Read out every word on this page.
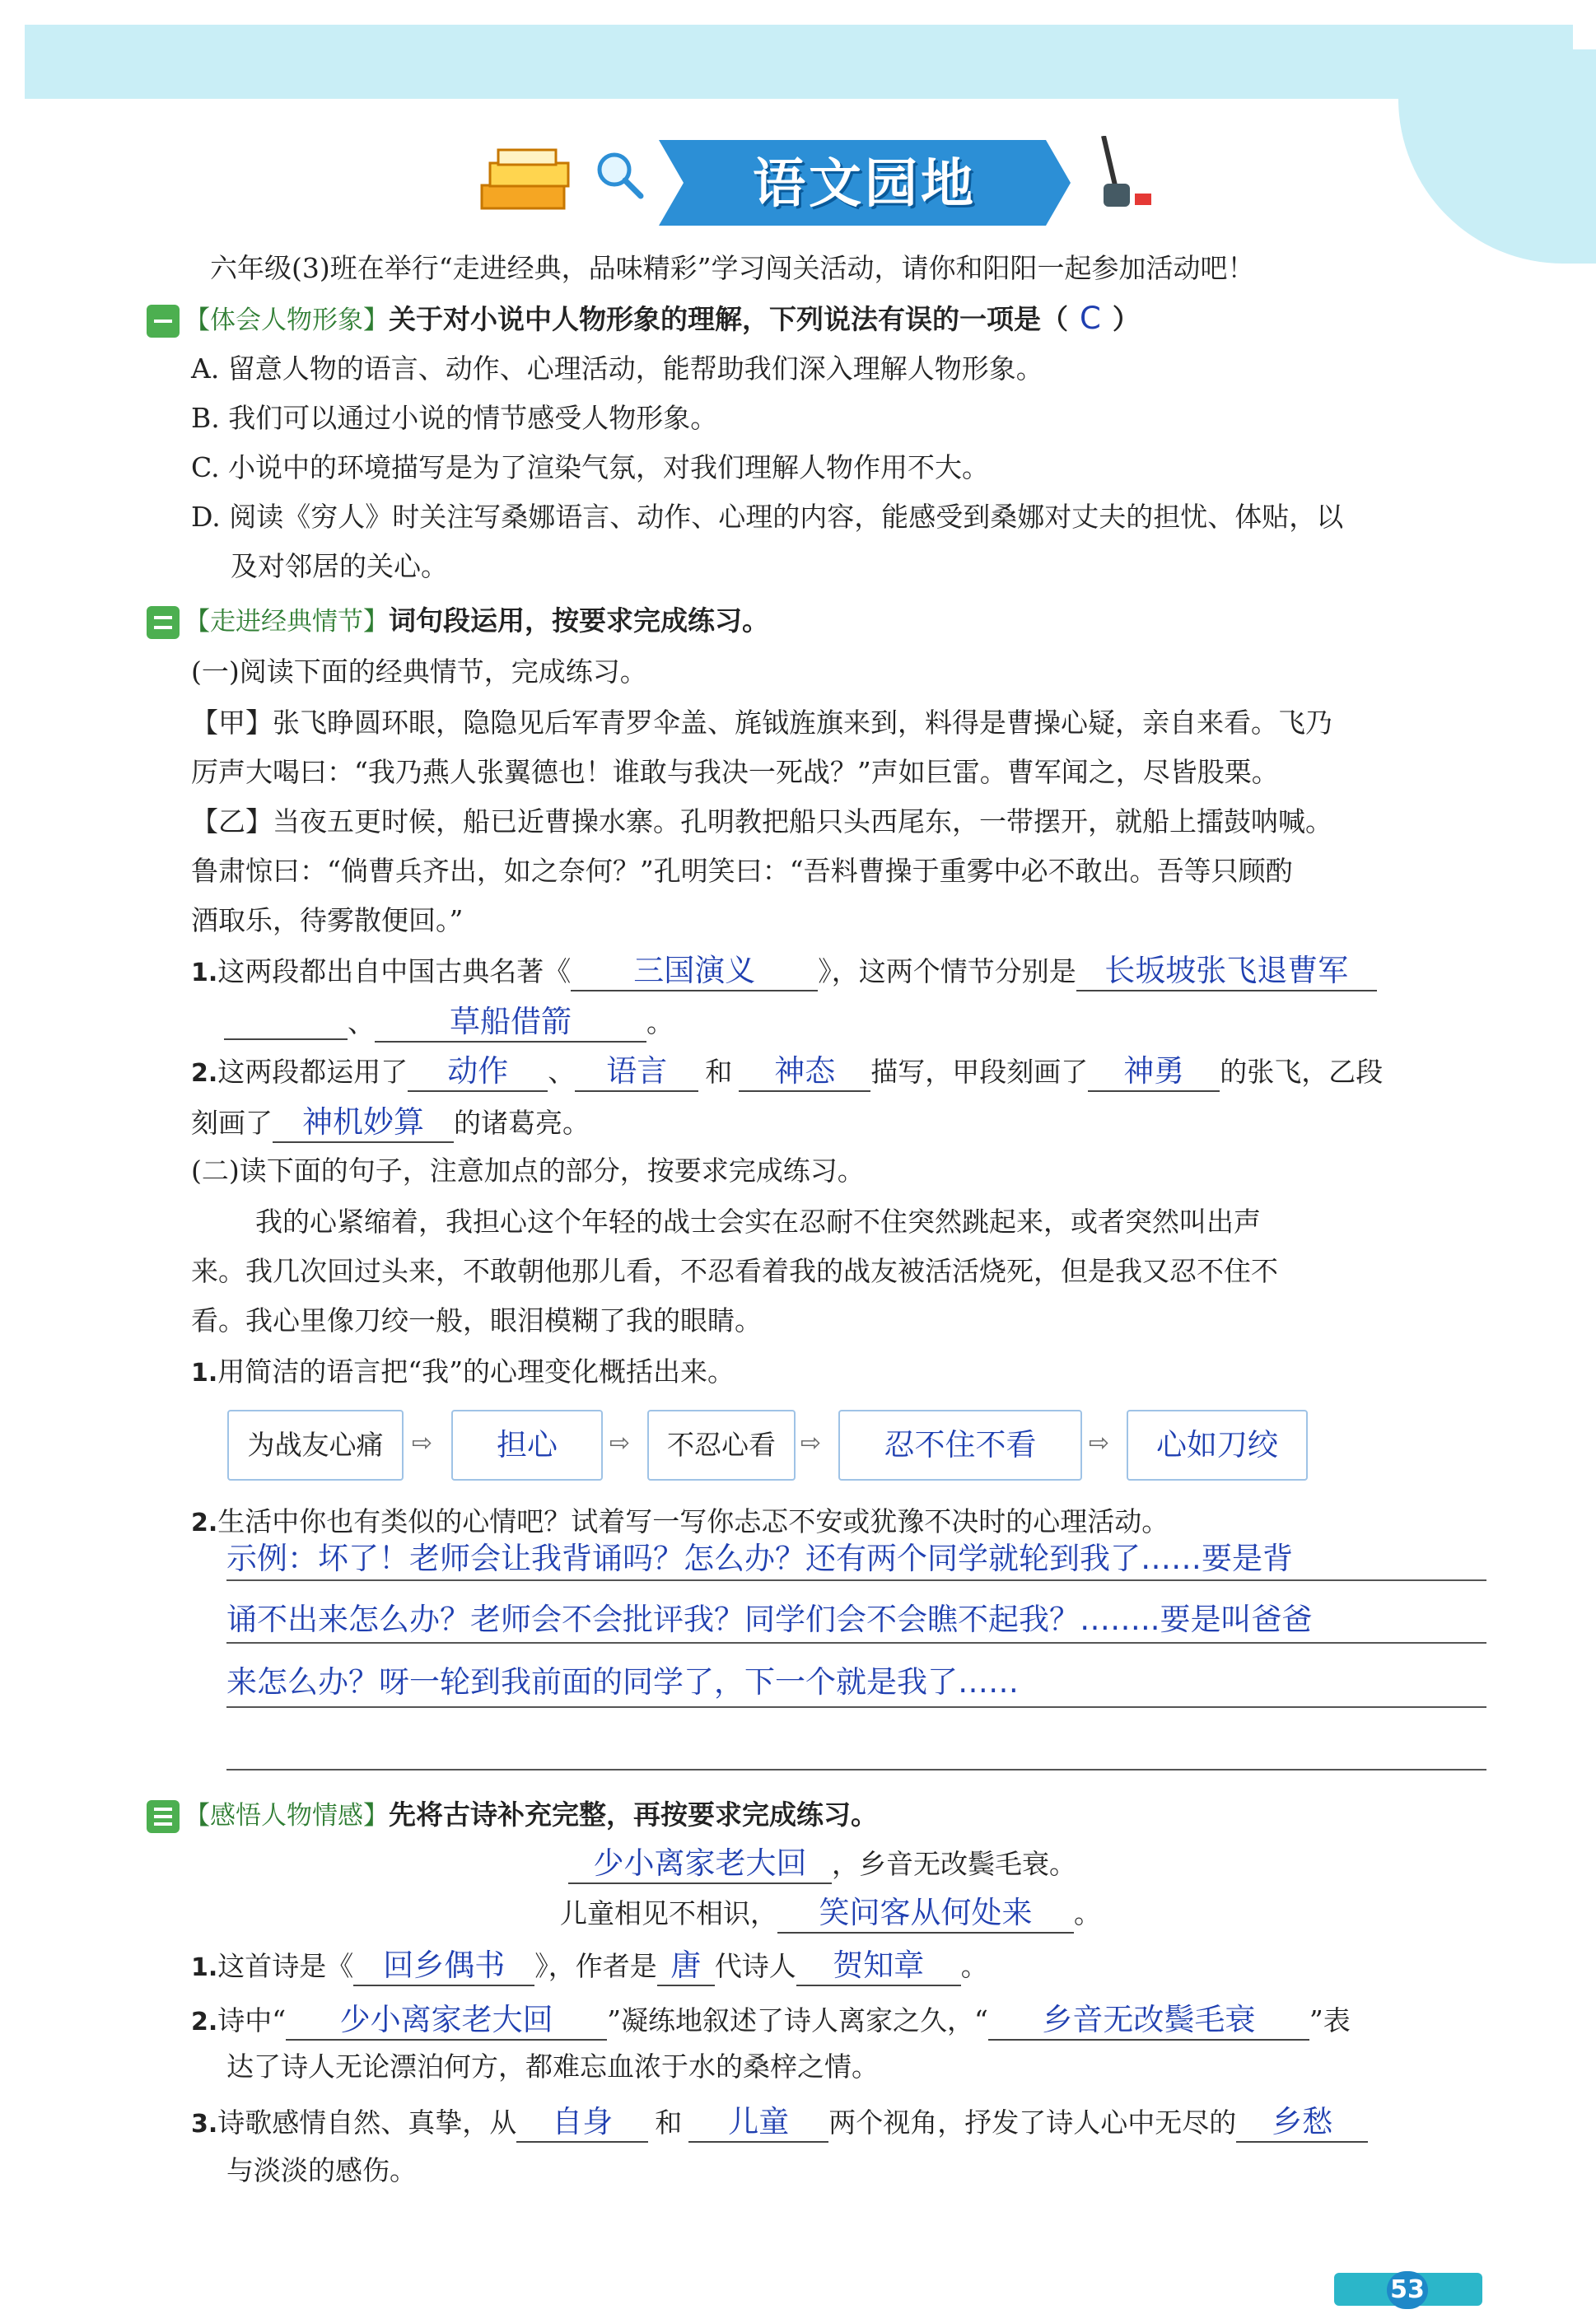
语文园地
六年级(3)班在举行“走进经典，品味精彩”学习闯关活动，请你和阳阳一起参加活动吧！
【体会人物形象】关于对小说中人物形象的理解，下列说法有误的一项是（ C ）
A. 留意人物的语言、动作、心理活动，能帮助我们深入理解人物形象。
B. 我们可以通过小说的情节感受人物形象。
C. 小说中的环境描写是为了渲染气氛，对我们理解人物作用不大。
D. 阅读《穷人》时关注写桑娜语言、动作、心理的内容，能感受到桑娜对丈夫的担忧、体贴，以
及对邻居的关心。
【走进经典情节】词句段运用，按要求完成练习。
(一)阅读下面的经典情节，完成练习。
【甲】张飞睁圆环眼，隐隐见后军青罗伞盖、旄钺旌旗来到，料得是曹操心疑，亲自来看。飞乃
厉声大喝曰：“我乃燕人张翼德也！谁敢与我决一死战？”声如巨雷。曹军闻之，尽皆股栗。
【乙】当夜五更时候，船已近曹操水寨。孔明教把船只头西尾东，一带摆开，就船上擂鼓呐喊。
鲁肃惊曰：“倘曹兵齐出，如之奈何？”孔明笑曰：“吾料曹操于重雾中必不敢出。吾等只顾酌
酒取乐，待雾散便回。”
1.这两段都出自中国古典名著《 三国演义 》，这两个情节分别是 长坂坡张飞退曹军
、 草船借箭	。
2.这两段都运用了 动作 、 语言 和 神态 描写，甲段刻画了 神勇 的张飞，乙段
刻画了 神机妙算 的诸葛亮。
(二)读下面的句子，注意加点的部分，按要求完成练习。
我的心紧缩着，我担心这个年轻的战士会实在忍耐不住突然跳起来，或者突然叫出声
来。我几次回过头来，不敢朝他那儿看，不忍看着我的战友被活活烧死，但是我又忍不住不
看。我心里像刀绞一般，眼泪模糊了我的眼睛。
1.用简洁的语言把“我”的心理变化概括出来。
为战友心痛	⇨	担心	⇨	不忍心看	⇨	忍不住不看	⇨	心如刀绞
2.生活中你也有类似的心情吧？试着写一写你忐忑不安或犹豫不决时的心理活动。
示例：坏了！老师会让我背诵吗？怎么办？还有两个同学就轮到我了……要是背
诵不出来怎么办？老师会不会批评我？同学们会不会瞧不起我？……..要是叫爸爸
来怎么办？呀一轮到我前面的同学了，下一个就是我了……
【感悟人物情感】先将古诗补充完整，再按要求完成练习。
少小离家老大回 ，乡音无改鬓毛衰。
儿童相见不相识， 笑问客从何处来 。
1.这首诗是《 回乡偶书 》，作者是 唐 代诗人 贺知章 。
2.诗中“ 少小离家老大回 ”凝练地叙述了诗人离家之久，“ 乡音无改鬓毛衰 ”表
达了诗人无论漂泊何方，都难忘血浓于水的桑梓之情。
3.诗歌感情自然、真挚，从 自身 和 儿童 两个视角，抒发了诗人心中无尽的 乡愁
与淡淡的感伤。
53
